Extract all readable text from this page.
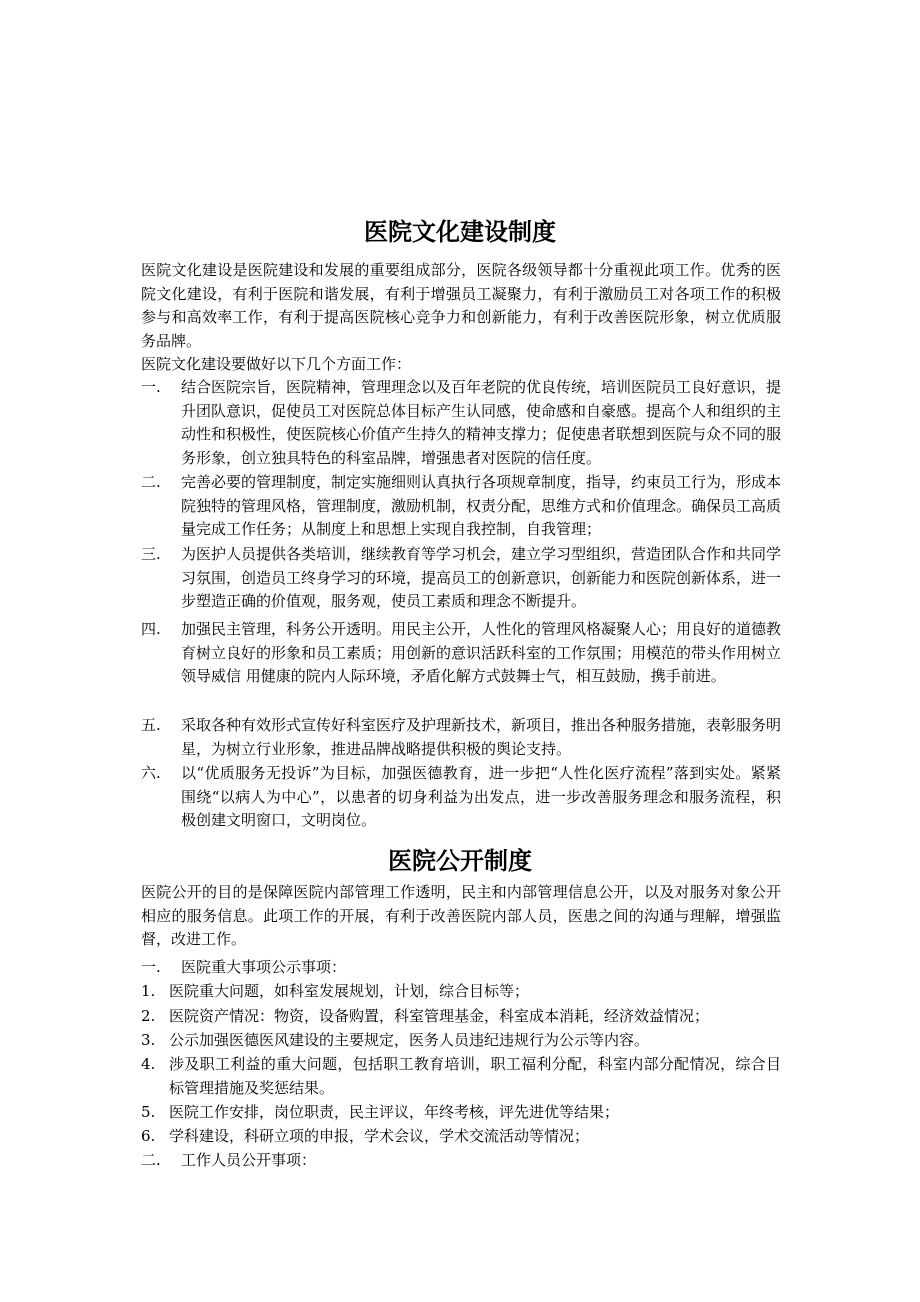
医院文化建设制度

医院文化建设是医院建设和发展的重要组成部分，医院各级领导都十分重视此项工作。优秀的医院文化建设，有利于医院和谐发展，有利于增强员工凝聚力，有利于激励员工对各项工作的积极参与和高效率工作，有利于提高医院核心竞争力和创新能力，有利于改善医院形象，树立优质服务品牌。

医院文化建设要做好以下几个方面工作：

一.	结合医院宗旨，医院精神，管理理念以及百年老院的优良传统，培训医院员工良好意识，提升团队意识，促使员工对医院总体目标产生认同感，使命感和自豪感。提高个人和组织的主动性和积极性，使医院核心价值产生持久的精神支撑力；促使患者联想到医院与众不同的服务形象，创立独具特色的科室品牌，增强患者对医院的信任度。
二.	完善必要的管理制度，制定实施细则认真执行各项规章制度，指导，约束员工行为，形成本院独特的管理风格，管理制度，激励机制，权责分配，思维方式和价值理念。确保员工高质量完成工作任务；从制度上和思想上实现自我控制，自我管理；
三.	为医护人员提供各类培训，继续教育等学习机会，建立学习型组织，营造团队合作和共同学习氛围，创造员工终身学习的环境，提高员工的创新意识，创新能力和医院创新体系，进一步塑造正确的价值观，服务观，使员工素质和理念不断提升。
四.	加强民主管理，科务公开透明。用民主公开，人性化的管理风格凝聚人心；用良好的道德教育树立良好的形象和员工素质；用创新的意识活跃科室的工作氛围；用模范的带头作用树立领导威信 用健康的院内人际环境，矛盾化解方式鼓舞士气，相互鼓励，携手前进。
五.	采取各种有效形式宣传好科室医疗及护理新技术，新项目，推出各种服务措施，表彰服务明星，为树立行业形象，推进品牌战略提供积极的舆论支持。
六.	以“优质服务无投诉”为目标，加强医德教育，进一步把“人性化医疗流程”落到实处。紧紧围绕“以病人为中心”，以患者的切身利益为出发点，进一步改善服务理念和服务流程，积极创建文明窗口，文明岗位。
医院公开制度

医院公开的目的是保障医院内部管理工作透明，民主和内部管理信息公开，以及对服务对象公开相应的服务信息。此项工作的开展，有利于改善医院内部人员，医患之间的沟通与理解，增强监督，改进工作。

一.	医院重大事项公示事项：
1. 医院重大问题，如科室发展规划，计划，综合目标等；
2. 医院资产情况：物资，设备购置，科室管理基金，科室成本消耗，经济效益情况；
3. 公示加强医德医风建设的主要规定，医务人员违纪违规行为公示等内容。
4. 涉及职工利益的重大问题，包括职工教育培训，职工福利分配，科室内部分配情况，综合目标管理措施及奖惩结果。
5. 医院工作安排，岗位职责，民主评议，年终考核，评先进优等结果；
6. 学科建设，科研立项的申报，学术会议，学术交流活动等情况；
二.	工作人员公开事项：
